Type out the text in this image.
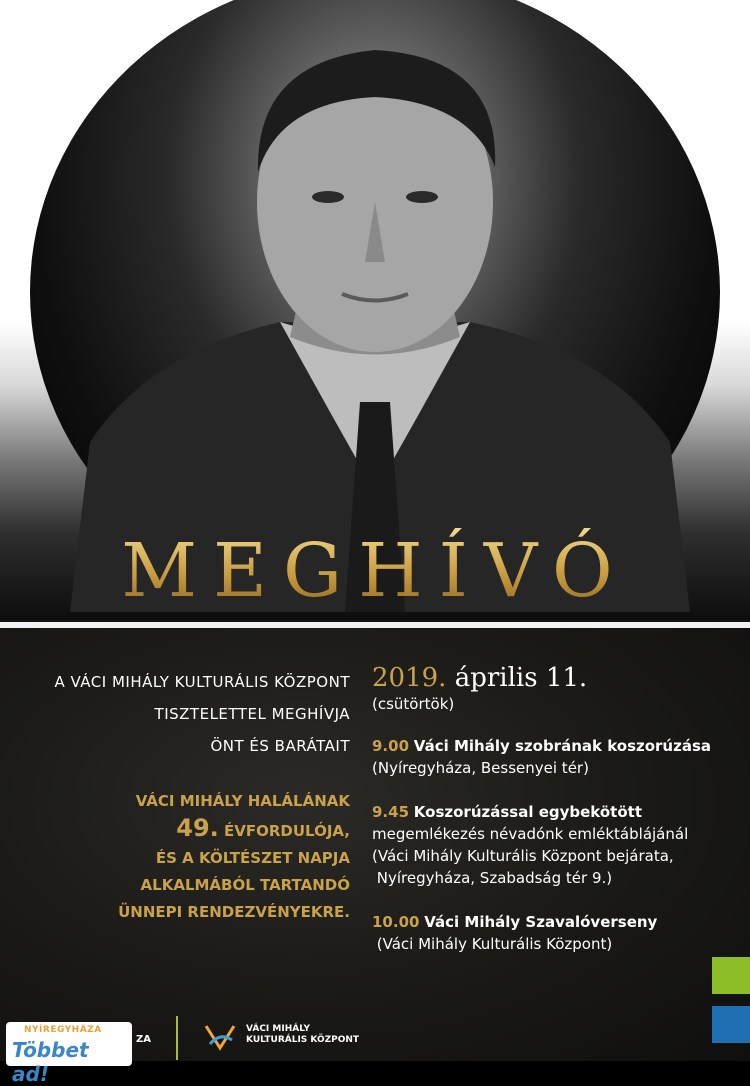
MEGHÍVÓ
A VÁCI MIHÁLY KULTURÁLIS KÖZPONT
TISZTELETTEL MEGHÍVJA
ÖNT ÉS BARÁTAIT
VÁCI MIHÁLY HALÁLÁNAK
49. ÉVFORDULÓJA,
ÉS A KÖLTÉSZET NAPJA
ALKALMÁBÓL TARTANDÓ
ÜNNEPI RENDEZVÉNYEKRE.
2019. április 11.
(csütörtök)
9.00 Váci Mihály szobrának koszorúzása
(Nyíregyháza, Bessenyei tér)
9.45 Koszorúzással egybekötött
megemlékezés névadónk emléktáblájánál
(Váci Mihály Kulturális Központ bejárata,
Nyíregyháza, Szabadság tér 9.)
10.00 Váci Mihály Szavalóverseny
(Váci Mihály Kulturális Központ)
NYÍREGYHÁZA
Többet ad!
ZA
VÁCI MIHÁLY
KULTURÁLIS KÖZPONT
